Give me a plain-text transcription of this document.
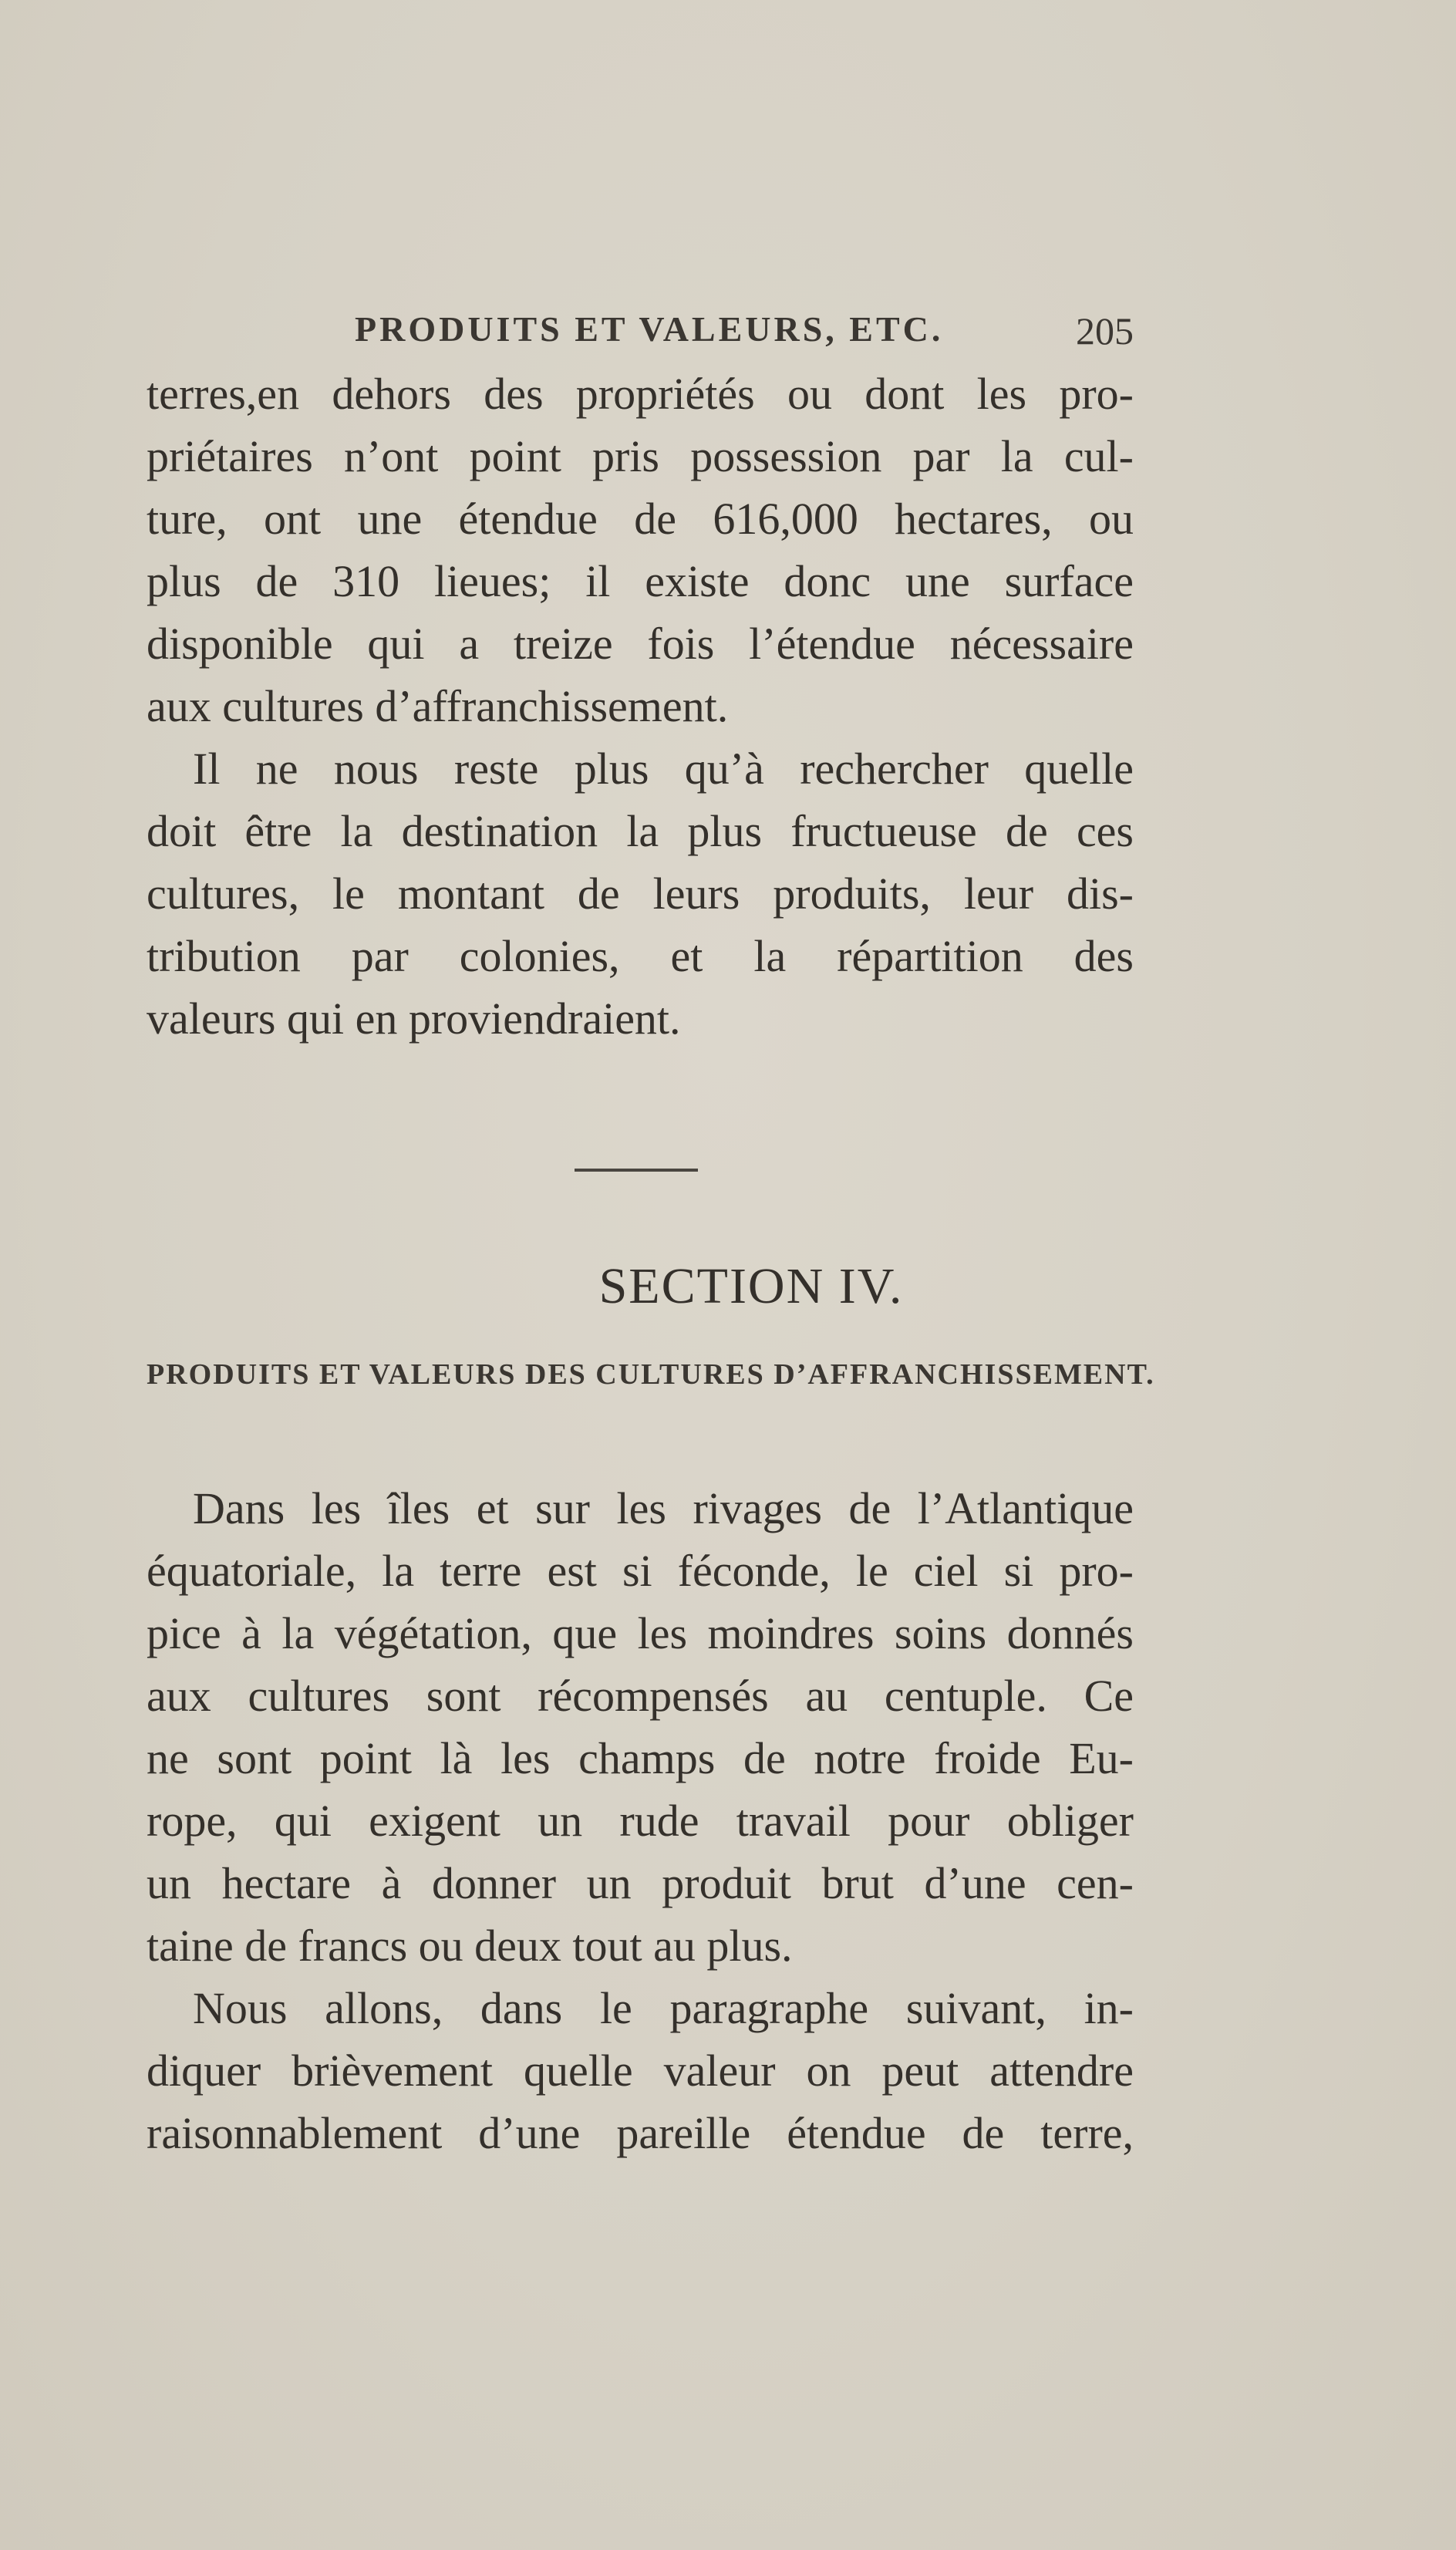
PRODUITS ET VALEURS, ETC.	205
terres,en dehors des propriétés ou dont les pro-
priétaires n’ont point pris possession par la cul-
ture, ont une étendue de 616,000 hectares, ou
plus de 310 lieues; il existe donc une surface
disponible qui a treize fois l’étendue nécessaire
aux cultures d’affranchissement.
Il ne nous reste plus qu’à rechercher quelle
doit être la destination la plus fructueuse de ces
cultures, le montant de leurs produits, leur dis-
tribution par colonies, et la répartition des
valeurs qui en proviendraient.
SECTION IV.
PRODUITS ET VALEURS DES CULTURES D’AFFRANCHISSEMENT.
Dans les îles et sur les rivages de l’Atlantique
équatoriale, la terre est si féconde, le ciel si pro-
pice à la végétation, que les moindres soins donnés
aux cultures sont récompensés au centuple. Ce
ne sont point là les champs de notre froide Eu-
rope, qui exigent un rude travail pour obliger
un hectare à donner un produit brut d’une cen-
taine de francs ou deux tout au plus.
Nous allons, dans le paragraphe suivant, in-
diquer brièvement quelle valeur on peut attendre
raisonnablement d’une pareille étendue de terre,
